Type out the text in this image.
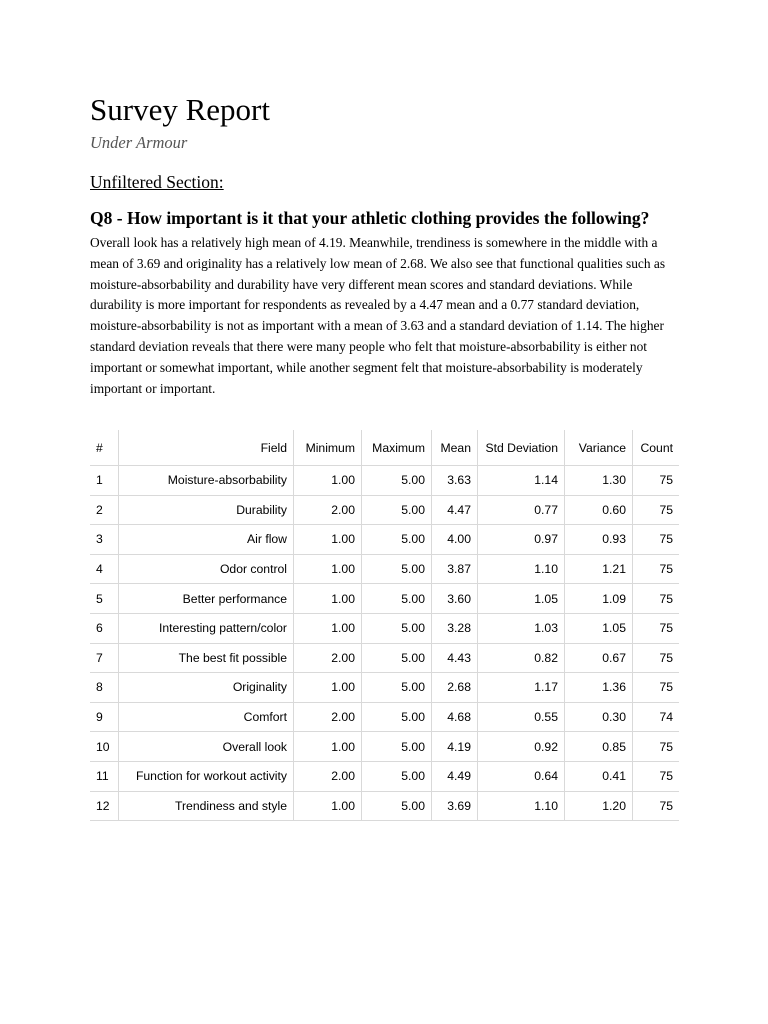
Survey Report
Under Armour
Unfiltered Section:
Q8 - How important is it that your athletic clothing provides the following?

Overall look has a relatively high mean of 4.19. Meanwhile, trendiness is somewhere in the middle with a mean of 3.69 and originality has a relatively low mean of 2.68. We also see that functional qualities such as moisture-absorbability and durability have very different mean scores and standard deviations. While durability is more important for respondents as revealed by a 4.47 mean and a 0.77 standard deviation, moisture-absorbability is not as important with a mean of 3.63 and a standard deviation of 1.14. The higher standard deviation reveals that there were many people who felt that moisture-absorbability is either not important or somewhat important, while another segment felt that moisture-absorbability is moderately important or important.

#	Field	Minimum	Maximum	Mean	Std Deviation	Variance	Count
1	Moisture-absorbability	1.00	5.00	3.63	1.14	1.30	75
2	Durability	2.00	5.00	4.47	0.77	0.60	75
3	Air flow	1.00	5.00	4.00	0.97	0.93	75
4	Odor control	1.00	5.00	3.87	1.10	1.21	75
5	Better performance	1.00	5.00	3.60	1.05	1.09	75
6	Interesting pattern/color	1.00	5.00	3.28	1.03	1.05	75
7	The best fit possible	2.00	5.00	4.43	0.82	0.67	75
8	Originality	1.00	5.00	2.68	1.17	1.36	75
9	Comfort	2.00	5.00	4.68	0.55	0.30	74
10	Overall look	1.00	5.00	4.19	0.92	0.85	75
11	Function for workout activity	2.00	5.00	4.49	0.64	0.41	75
12	Trendiness and style	1.00	5.00	3.69	1.10	1.20	75
